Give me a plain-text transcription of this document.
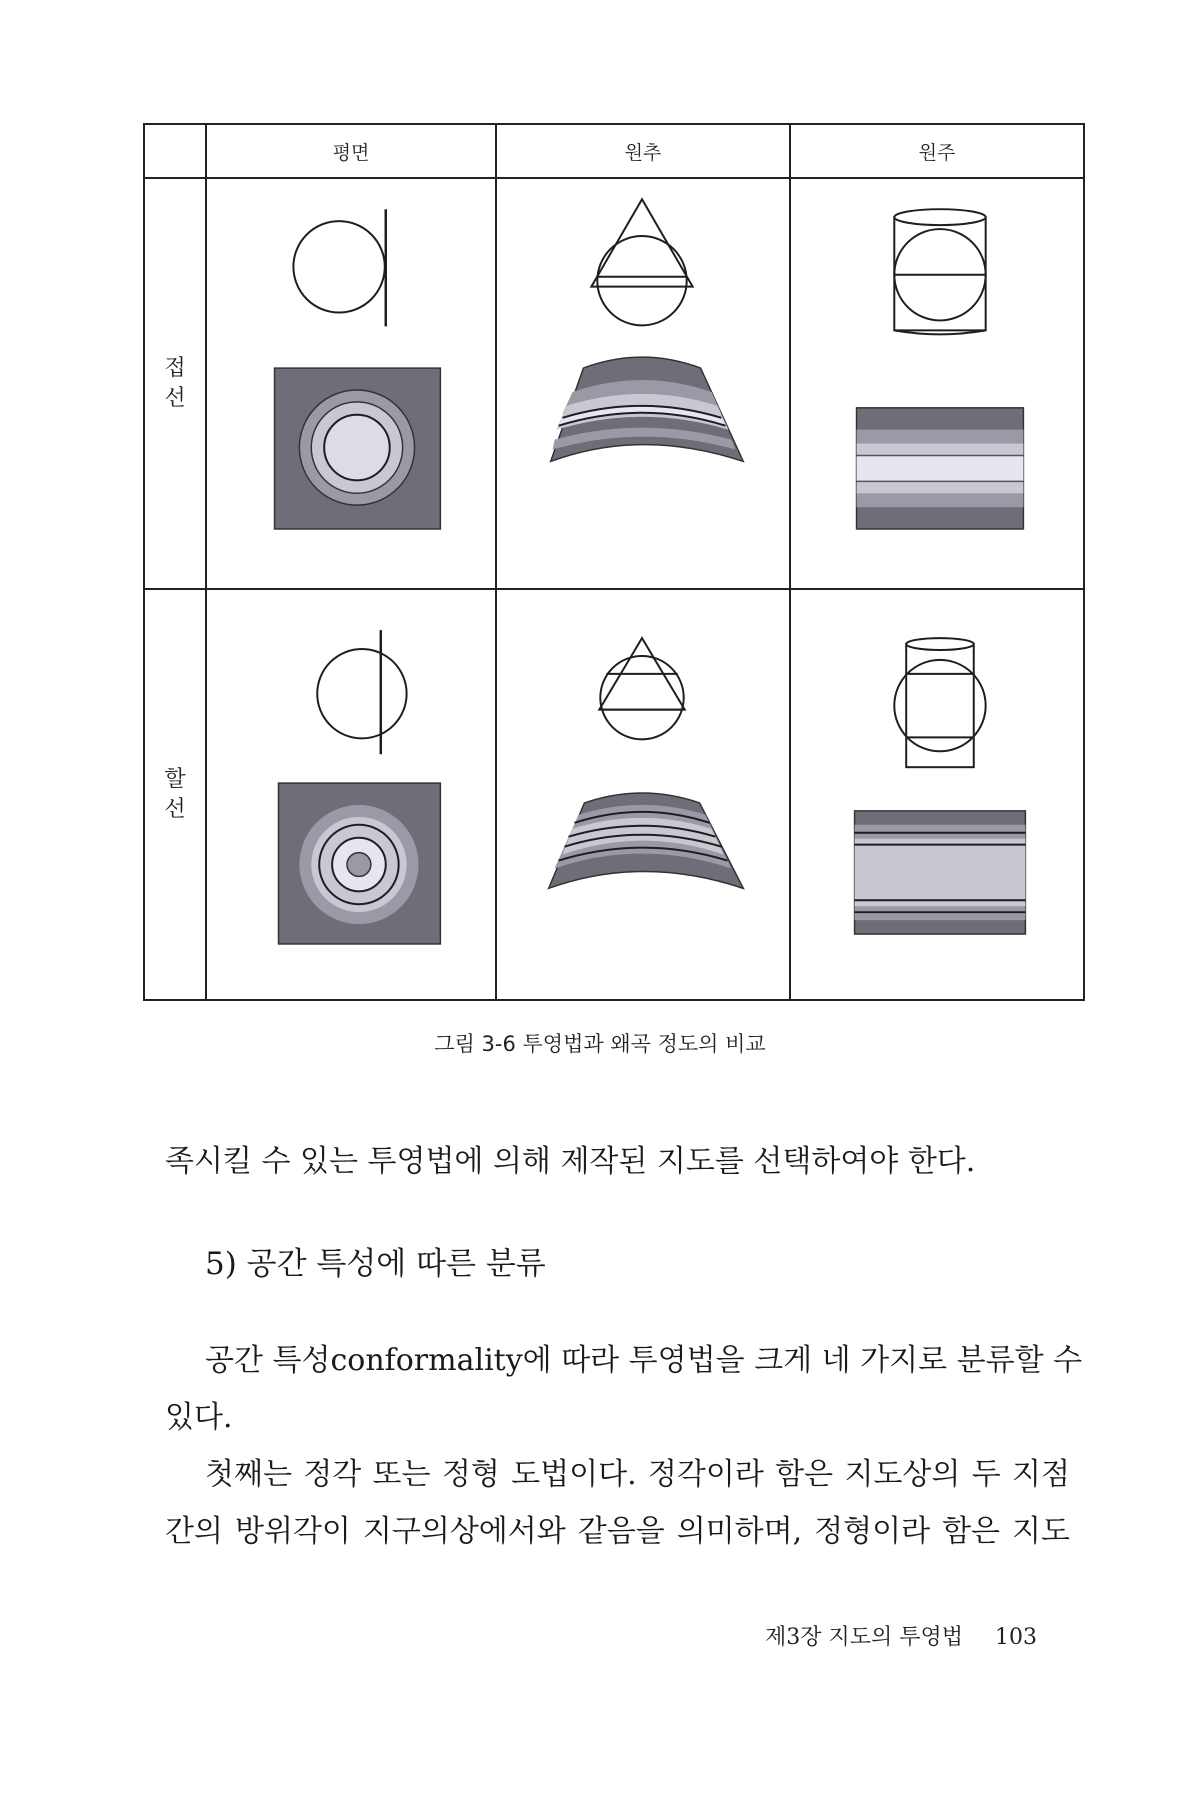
	평면	원추	원주

접
선

할
선

그림 3-6 투영법과 왜곡 정도의 비교
족시킬 수 있는 투영법에 의해 제작된 지도를 선택하여야 한다.
5) 공간 특성에 따른 분류
공간 특성conformality에 따라 투영법을 크게 네 가지로 분류할 수
있다.
첫째는 정각 또는 정형 도법이다. 정각이라 함은 지도상의 두 지점
간의 방위각이 지구의상에서와 같음을 의미하며, 정형이라 함은 지도
제3장 지도의 투영법 103
